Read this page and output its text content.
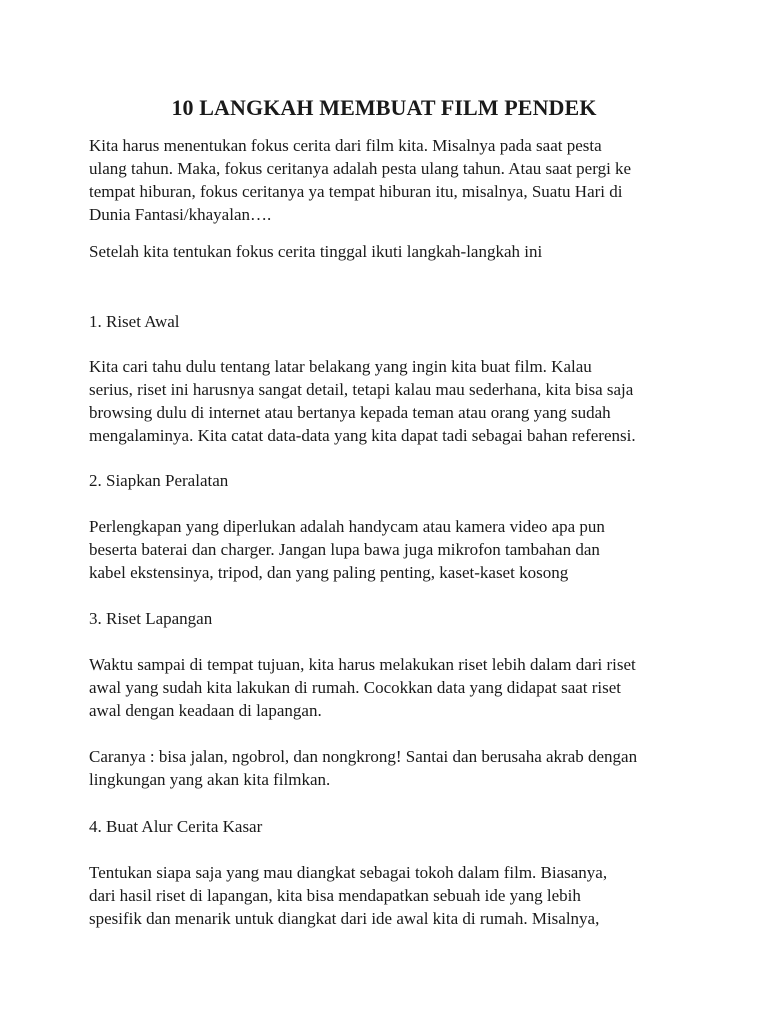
10 LANGKAH MEMBUAT FILM PENDEK

Kita harus menentukan fokus cerita dari film kita. Misalnya pada saat pesta
ulang tahun. Maka, fokus ceritanya adalah pesta ulang tahun. Atau saat pergi ke
tempat hiburan, fokus ceritanya ya tempat hiburan itu, misalnya, Suatu Hari di
Dunia Fantasi/khayalan….

Setelah kita tentukan fokus cerita tinggal ikuti langkah-langkah ini

1. Riset Awal

Kita cari tahu dulu tentang latar belakang yang ingin kita buat film. Kalau
serius, riset ini harusnya sangat detail, tetapi kalau mau sederhana, kita bisa saja
browsing dulu di internet atau bertanya kepada teman atau orang yang sudah
mengalaminya. Kita catat data-data yang kita dapat tadi sebagai bahan referensi.

2. Siapkan Peralatan

Perlengkapan yang diperlukan adalah handycam atau kamera video apa pun
beserta baterai dan charger. Jangan lupa bawa juga mikrofon tambahan dan
kabel ekstensinya, tripod, dan yang paling penting, kaset-kaset kosong

3. Riset Lapangan

Waktu sampai di tempat tujuan, kita harus melakukan riset lebih dalam dari riset
awal yang sudah kita lakukan di rumah. Cocokkan data yang didapat saat riset
awal dengan keadaan di lapangan.

Caranya : bisa jalan, ngobrol, dan nongkrong! Santai dan berusaha akrab dengan
lingkungan yang akan kita filmkan.

4. Buat Alur Cerita Kasar

Tentukan siapa saja yang mau diangkat sebagai tokoh dalam film. Biasanya,
dari hasil riset di lapangan, kita bisa mendapatkan sebuah ide yang lebih
spesifik dan menarik untuk diangkat dari ide awal kita di rumah. Misalnya,
